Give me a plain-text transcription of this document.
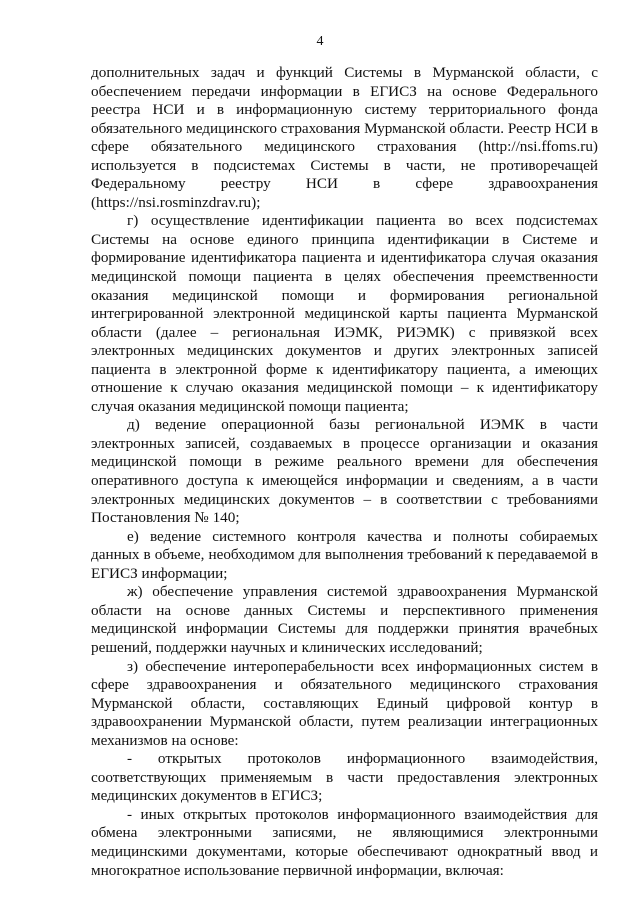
4

дополнительных задач и функций Системы в Мурманской области, с обеспечением передачи информации в ЕГИСЗ на основе Федерального реестра НСИ и в информационную систему территориального фонда обязательного медицинского страхования Мурманской области. Реестр НСИ в сфере обязательного медицинского страхования (http://nsi.ffoms.ru) используется в подсистемах Системы в части, не противоречащей Федеральному реестру НСИ в сфере здравоохранения (https://nsi.rosminzdrav.ru);

г) осуществление идентификации пациента во всех подсистемах Системы на основе единого принципа идентификации в Системе и формирование идентификатора пациента и идентификатора случая оказания медицинской помощи пациента в целях обеспечения преемственности оказания медицинской помощи и формирования региональной интегрированной электронной медицинской карты пациента Мурманской области (далее – региональная ИЭМК, РИЭМК) с привязкой всех электронных медицинских документов и других электронных записей пациента в электронной форме к идентификатору пациента, а имеющих отношение к случаю оказания медицинской помощи – к идентификатору случая оказания медицинской помощи пациента;

д) ведение операционной базы региональной ИЭМК в части электронных записей, создаваемых в процессе организации и оказания медицинской помощи в режиме реального времени для обеспечения оперативного доступа к имеющейся информации и сведениям, а в части электронных медицинских документов – в соответствии с требованиями Постановления № 140;

е) ведение системного контроля качества и полноты собираемых данных в объеме, необходимом для выполнения требований к передаваемой в ЕГИСЗ информации;

ж) обеспечение управления системой здравоохранения Мурманской области на основе данных Системы и перспективного применения медицинской информации Системы для поддержки принятия врачебных решений, поддержки научных и клинических исследований;

з) обеспечение интероперабельности всех информационных систем в сфере здравоохранения и обязательного медицинского страхования Мурманской области, составляющих Единый цифровой контур в здравоохранении Мурманской области, путем реализации интеграционных механизмов на основе:

- открытых протоколов информационного взаимодействия, соответствующих применяемым в части предоставления электронных медицинских документов в ЕГИСЗ;

- иных открытых протоколов информационного взаимодействия для обмена электронными записями, не являющимися электронными медицинскими документами, которые обеспечивают однократный ввод и многократное использование первичной информации, включая:
